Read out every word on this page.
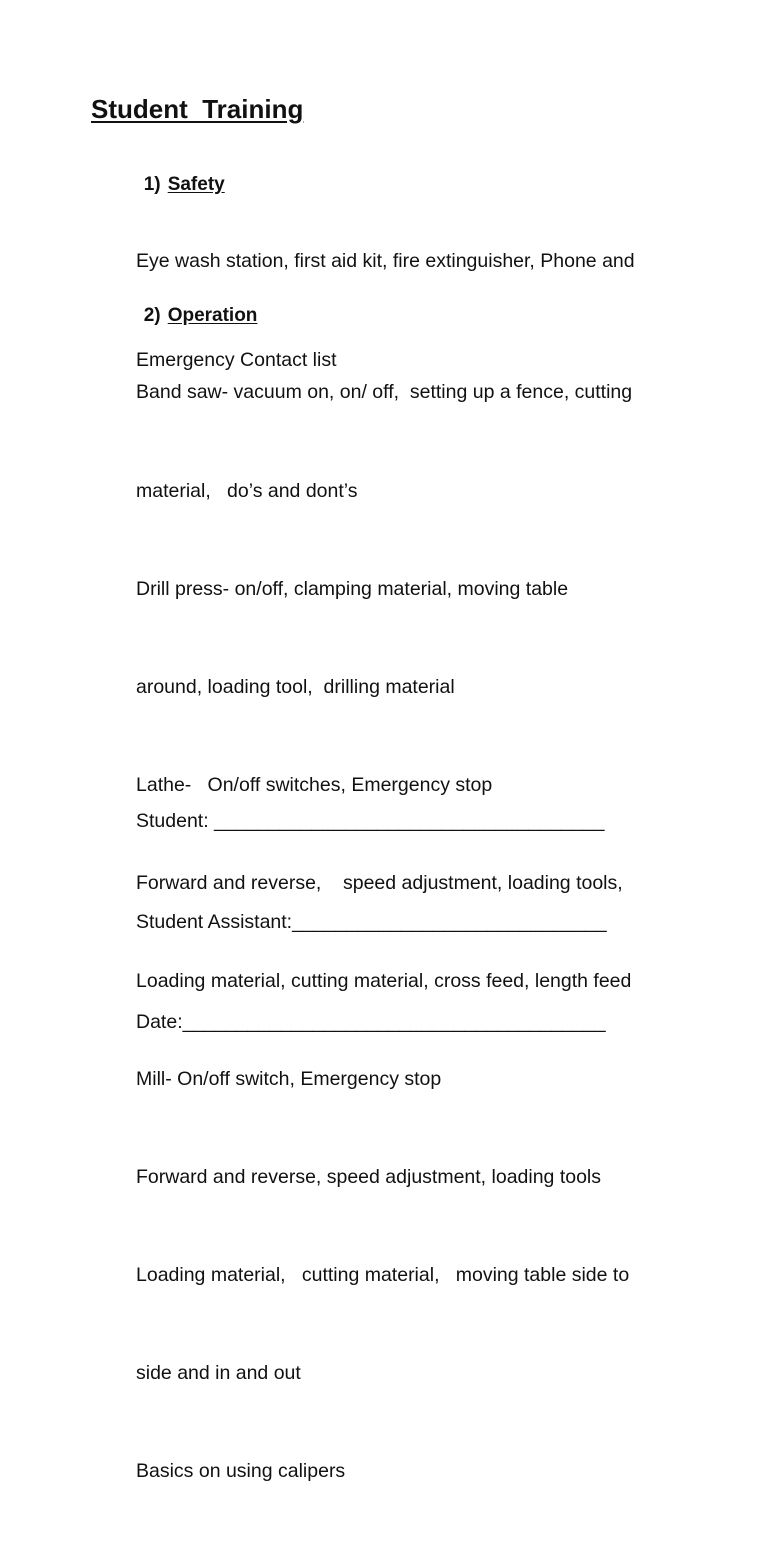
Student  Training

1) Safety

Eye wash station, first aid kit, fire extinguisher, Phone and

Emergency Contact list

2) Operation

Band saw- vacuum on, on/ off,  setting up a fence, cutting

material,   do’s and dont’s

Drill press- on/off, clamping material, moving table

around, loading tool,  drilling material

Lathe-   On/off switches, Emergency stop

Forward and reverse,    speed adjustment, loading tools,

Loading material, cutting material, cross feed, length feed

Mill- On/off switch, Emergency stop

Forward and reverse, speed adjustment, loading tools

Loading material,   cutting material,   moving table side to

side and in and out

Basics on using calipers

Student: ____________________________________

Student Assistant:_____________________________

Date:_______________________________________
